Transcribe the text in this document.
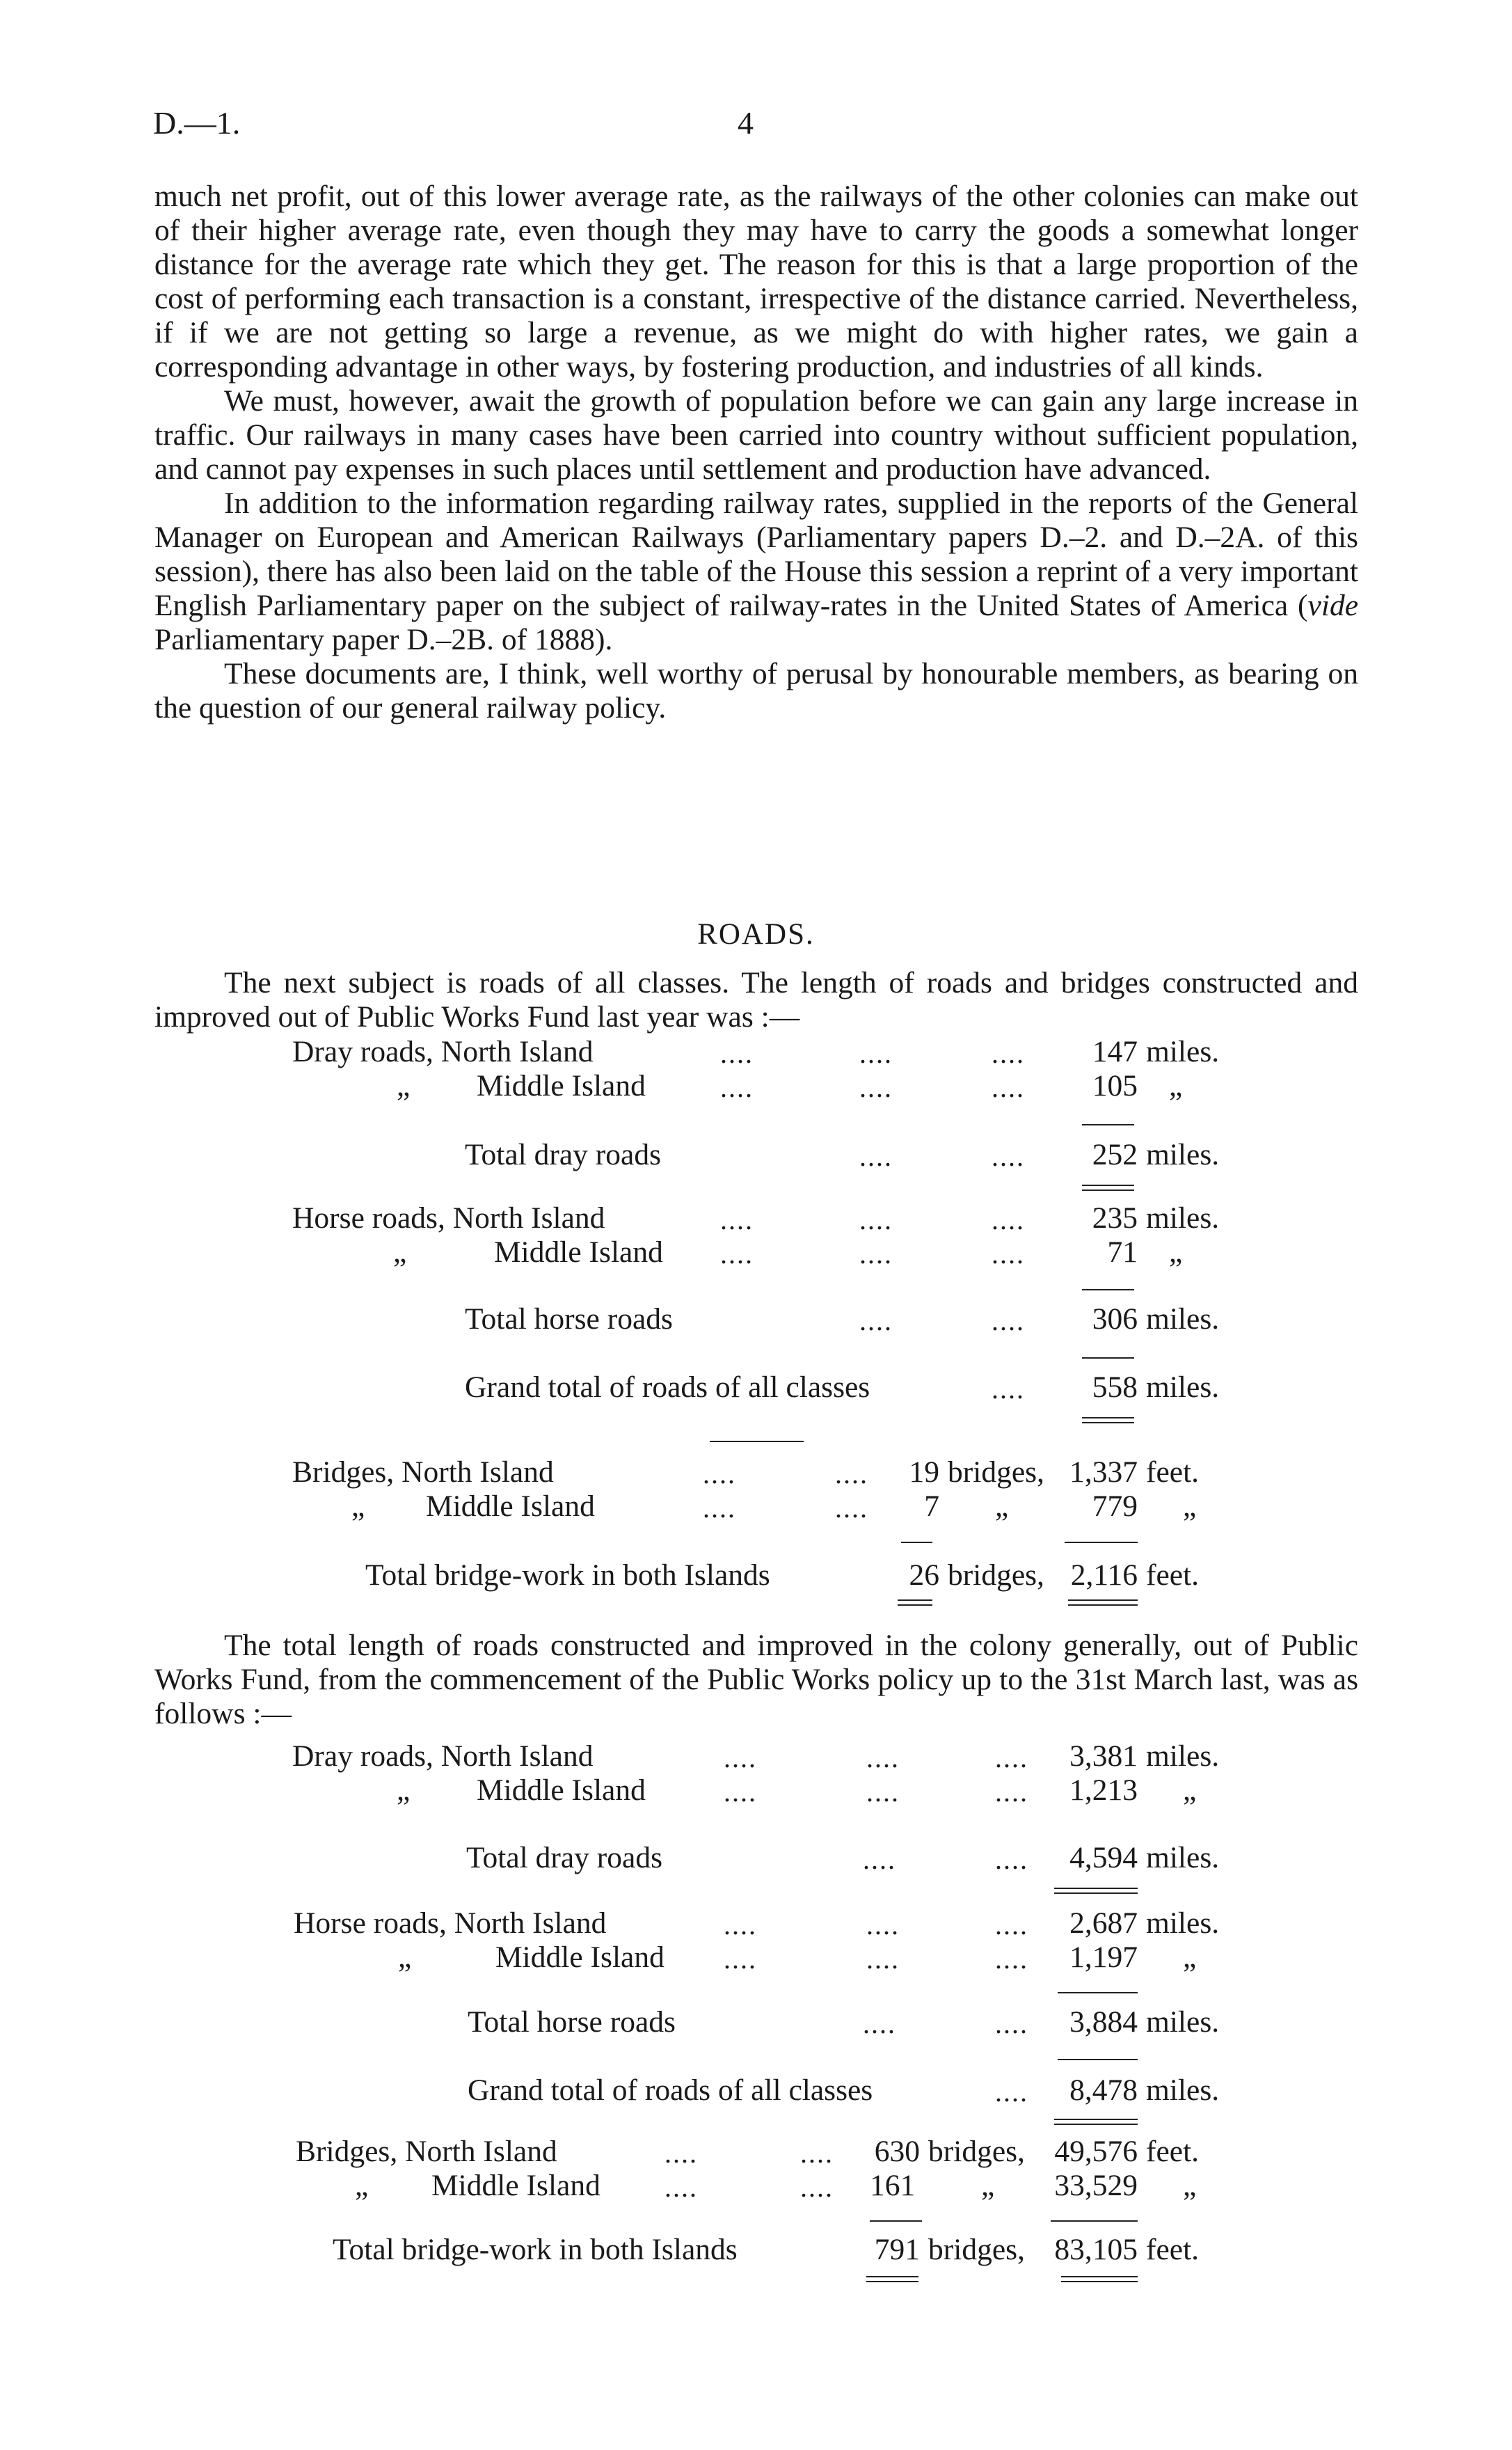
D.—1.	4

much net profit, out of this lower average rate, as the railways of the other colonies can make out of their higher average rate, even though they may have to carry the goods a somewhat longer distance for the average rate which they get. The reason for this is that a large proportion of the cost of performing each transaction is a constant, irrespective of the distance carried. Nevertheless, if if we are not getting so large a revenue, as we might do with higher rates, we gain a corresponding advantage in other ways, by fostering production, and industries of all kinds.

We must, however, await the growth of population before we can gain any large increase in traffic. Our railways in many cases have been carried into country without sufficient population, and cannot pay expenses in such places until settlement and production have advanced.

In addition to the information regarding railway rates, supplied in the reports of the General Manager on European and American Railways (Parliamentary papers D.–2. and D.–2A. of this session), there has also been laid on the table of the House this session a reprint of a very important English Parliamentary paper on the subject of railway-rates in the United States of America (vide Parliamentary paper D.–2B. of 1888).

These documents are, I think, well worthy of perusal by honourable members, as bearing on the question of our general railway policy.

ROADS.

The next subject is roads of all classes. The length of roads and bridges constructed and improved out of Public Works Fund last year was :—

Dray roads, North Island	....	....	....	147 miles.
„ Middle Island	....	....	....	105 „
Total dray roads	....	....	252 miles.
Horse roads, North Island	....	....	....	235 miles.
„	Middle Island ....	....	....	71 „
Total horse roads	....	....	306 miles.
Grand total of roads of all classes	....	558 miles.
Bridges, North Island	....	....	19 bridges, 1,337 feet.
„ Middle Island	....	....	7 „	779 „
Total bridge-work in both Islands	26 bridges, 2,116 feet.

The total length of roads constructed and improved in the colony generally, out of Public Works Fund, from the commencement of the Public Works policy up to the 31st March last, was as follows :—

Dray roads, North Island	....	....	....	3,381 miles.
„ Middle Island	....	....	....	1,213 „
Total dray roads	....	....	4,594 miles.
Horse roads, North Island	....	....	....	2,687 miles.
„	Middle Island ....	....	....	1,197 „
Total horse roads	....	....	3,884 miles.
Grand total of roads of all classes	....	8,478 miles.
Bridges, North Island	....	....	630 bridges, 49,576 feet.
„ Middle Island ....	.... 161 „	33,529 „
Total bridge-work in both Islands	791 bridges, 83,105 feet.
